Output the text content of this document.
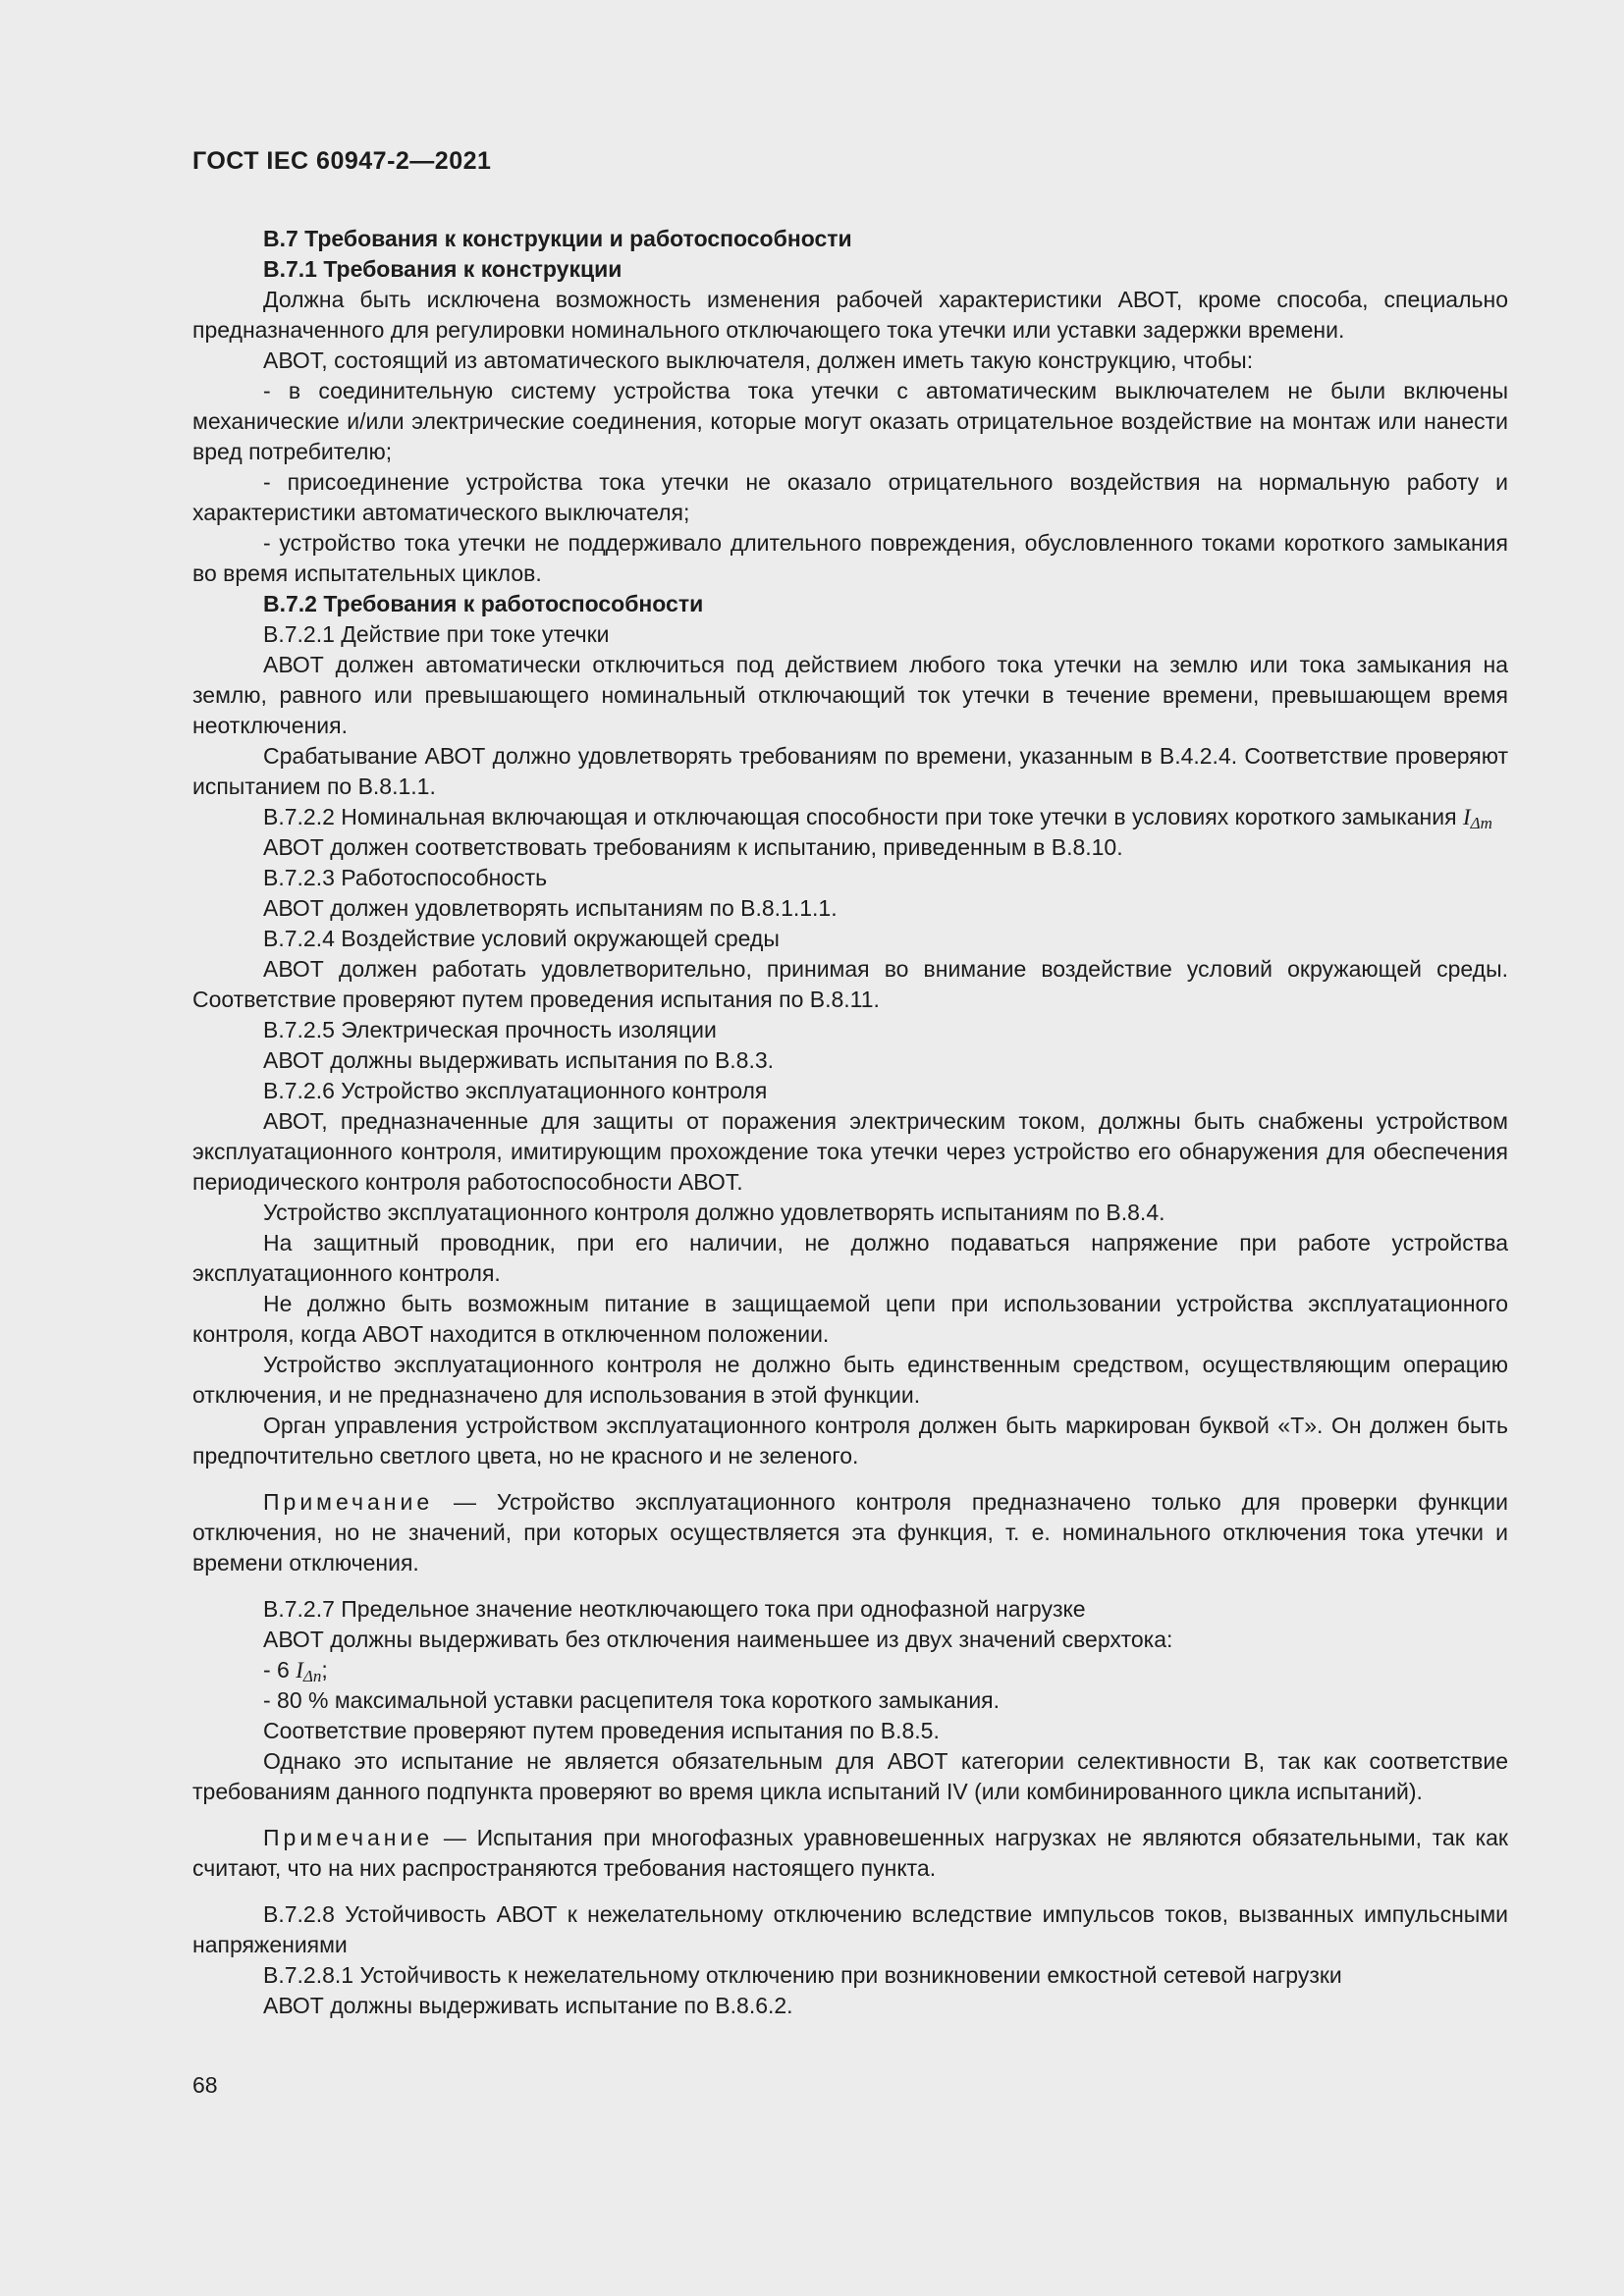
ГОСТ IEC 60947-2—2021

В.7 Требования к конструкции и работоспособности

В.7.1 Требования к конструкции

Должна быть исключена возможность изменения рабочей характеристики АВОТ, кроме способа, специально предназначенного для регулировки номинального отключающего тока утечки или уставки задержки времени.

АВОТ, состоящий из автоматического выключателя, должен иметь такую конструкцию, чтобы:

- в соединительную систему устройства тока утечки с автоматическим выключателем не были включены механические и/или электрические соединения, которые могут оказать отрицательное воздействие на монтаж или нанести вред потребителю;

- присоединение устройства тока утечки не оказало отрицательного воздействия на нормальную работу и характеристики автоматического выключателя;

- устройство тока утечки не поддерживало длительного повреждения, обусловленного токами короткого замыкания во время испытательных циклов.

В.7.2 Требования к работоспособности

В.7.2.1 Действие при токе утечки

АВОТ должен автоматически отключиться под действием любого тока утечки на землю или тока замыкания на землю, равного или превышающего номинальный отключающий ток утечки в течение времени, превышающем время неотключения.

Срабатывание АВОТ должно удовлетворять требованиям по времени, указанным в В.4.2.4. Соответствие проверяют испытанием по В.8.1.1.

В.7.2.2 Номинальная включающая и отключающая способности при токе утечки в условиях короткого замыкания $I_{\Delta m}$

АВОТ должен соответствовать требованиям к испытанию, приведенным в В.8.10.

В.7.2.3 Работоспособность

АВОТ должен удовлетворять испытаниям по В.8.1.1.1.

В.7.2.4 Воздействие условий окружающей среды

АВОТ должен работать удовлетворительно, принимая во внимание воздействие условий окружающей среды. Соответствие проверяют путем проведения испытания по В.8.11.

В.7.2.5 Электрическая прочность изоляции

АВОТ должны выдерживать испытания по В.8.3.

В.7.2.6 Устройство эксплуатационного контроля

АВОТ, предназначенные для защиты от поражения электрическим током, должны быть снабжены устройством эксплуатационного контроля, имитирующим прохождение тока утечки через устройство его обнаружения для обеспечения периодического контроля работоспособности АВОТ.

Устройство эксплуатационного контроля должно удовлетворять испытаниям по В.8.4.

На защитный проводник, при его наличии, не должно подаваться напряжение при работе устройства эксплуатационного контроля.

Не должно быть возможным питание в защищаемой цепи при использовании устройства эксплуатационного контроля, когда АВОТ находится в отключенном положении.

Устройство эксплуатационного контроля не должно быть единственным средством, осуществляющим операцию отключения, и не предназначено для использования в этой функции.

Орган управления устройством эксплуатационного контроля должен быть маркирован буквой «T». Он должен быть предпочтительно светлого цвета, но не красного и не зеленого.

Примечание — Устройство эксплуатационного контроля предназначено только для проверки функции отключения, но не значений, при которых осуществляется эта функция, т. е. номинального отключения тока утечки и времени отключения.

В.7.2.7 Предельное значение неотключающего тока при однофазной нагрузке

АВОТ должны выдерживать без отключения наименьшее из двух значений сверхтока:

- 6 $I_{\Delta n}$;

- 80 % максимальной уставки расцепителя тока короткого замыкания.

Соответствие проверяют путем проведения испытания по В.8.5.

Однако это испытание не является обязательным для АВОТ категории селективности B, так как соответствие требованиям данного подпункта проверяют во время цикла испытаний IV (или комбинированного цикла испытаний).

Примечание — Испытания при многофазных уравновешенных нагрузках не являются обязательными, так как считают, что на них распространяются требования настоящего пункта.

В.7.2.8 Устойчивость АВОТ к нежелательному отключению вследствие импульсов токов, вызванных импульсными напряжениями

В.7.2.8.1 Устойчивость к нежелательному отключению при возникновении емкостной сетевой нагрузки

АВОТ должны выдерживать испытание по В.8.6.2.

68
